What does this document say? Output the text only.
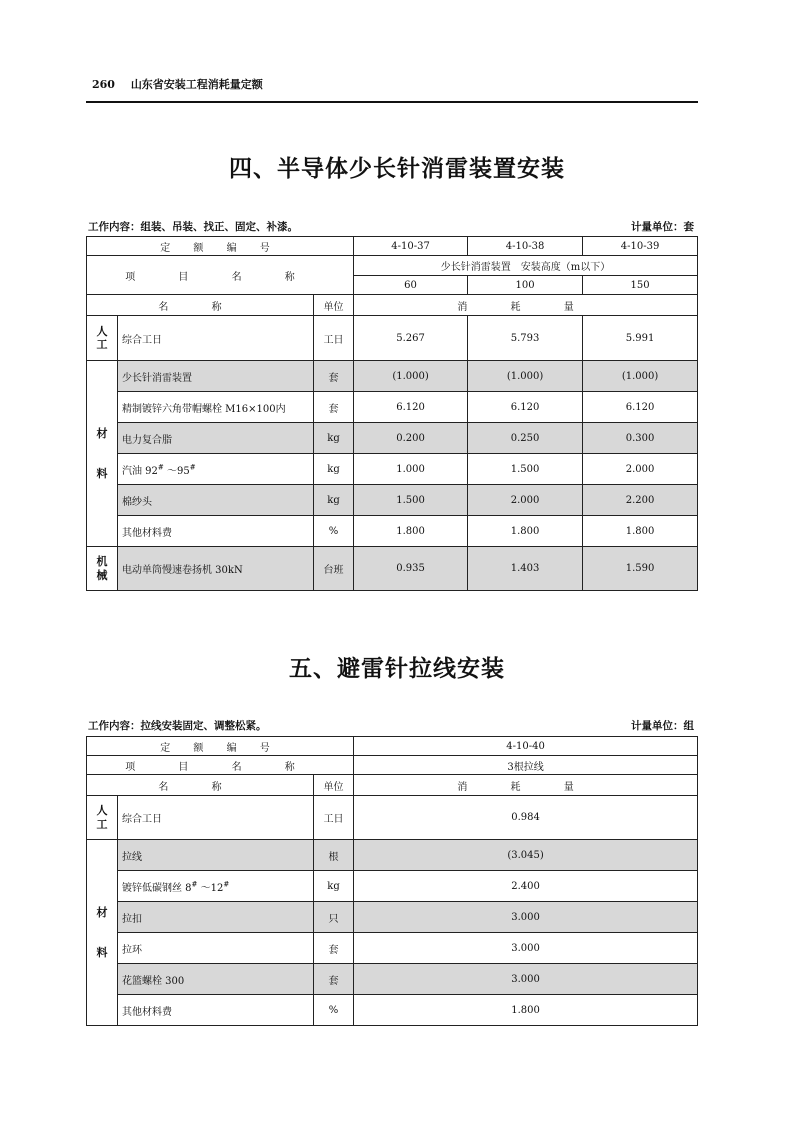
260 山东省安装工程消耗量定额
四、半导体少长针消雷装置安装
工作内容：组装、吊装、找正、固定、补漆。	计量单位：套
定 额 编 号			4-10-37	4-10-38	4-10-39
项 目 名 称			少长针消雷装置　安装高度（m以下）		
			60	100	150
名 称		单位	消 耗 量		
人
工	综合工日	工日	5.267	5.793	5.991
材

料	少长针消雷装置	套	(1.000)	(1.000)	(1.000)
	精制镀锌六角带帽螺栓 M16×100内	套	6.120	6.120	6.120
	电力复合脂	kg	0.200	0.250	0.300
	汽油 92# ～95#	kg	1.000	1.500	2.000
	棉纱头	kg	1.500	2.000	2.200
	其他材料费	%	1.800	1.800	1.800
机
械	电动单筒慢速卷扬机 30kN	台班	0.935	1.403	1.590
五、避雷针拉线安装
工作内容：拉线安装固定、调整松紧。	计量单位：组
定 额 编 号			4-10-40
项 目 名 称			3根拉线
名 称		单位	消 耗 量
人
工	综合工日	工日	0.984
材

料	拉线	根	(3.045)
	镀锌低碳钢丝 8# ～12#	kg	2.400
	拉扣	只	3.000
	拉环	套	3.000
	花篮螺栓 300	套	3.000
	其他材料费	%	1.800
